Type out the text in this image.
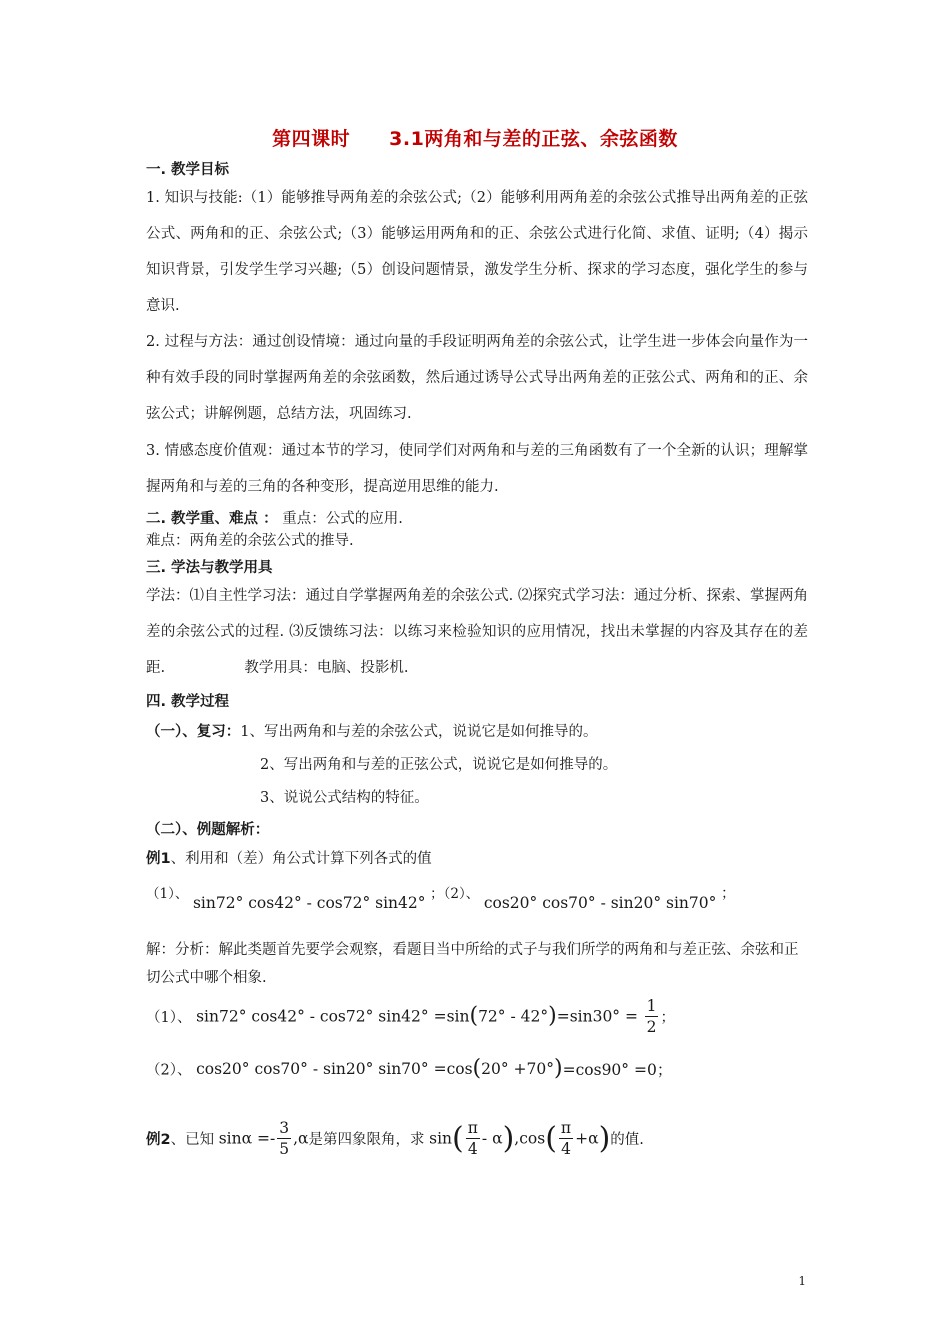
第四课时　　3.1两角和与差的正弦、余弦函数
一. 教学目标
1. 知识与技能:（1）能够推导两角差的余弦公式;（2）能够利用两角差的余弦公式推导出两角差的正弦公式、两角和的正、余弦公式;（3）能够运用两角和的正、余弦公式进行化简、求值、证明;（4）揭示知识背景，引发学生学习兴趣;（5）创设问题情景，激发学生分析、探求的学习态度，强化学生的参与意识.
2. 过程与方法：通过创设情境：通过向量的手段证明两角差的余弦公式，让学生进一步体会向量作为一种有效手段的同时掌握两角差的余弦函数，然后通过诱导公式导出两角差的正弦公式、两角和的正、余弦公式；讲解例题，总结方法，巩固练习.
3. 情感态度价值观：通过本节的学习，使同学们对两角和与差的三角函数有了一个全新的认识；理解掌握两角和与差的三角的各种变形，提高逆用思维的能力.
二. 教学重、难点 ： 重点：公式的应用.
难点：两角差的余弦公式的推导.
三. 学法与教学用具
学法：⑴自主性学习法：通过自学掌握两角差的余弦公式. ⑵探究式学习法：通过分析、探索、掌握两角差的余弦公式的过程. ⑶反馈练习法：以练习来检验知识的应用情况，找出未掌握的内容及其存在的差距.	教学用具：电脑、投影机.
四. 教学过程
（一）、复习：1、写出两角和与差的余弦公式，说说它是如何推导的。
2、写出两角和与差的正弦公式，说说它是如何推导的。
3、说说公式结构的特征。
（二）、例题解析：
例1、利用和（差）角公式计算下列各式的值
（1）、 sin72° cos42° - cos72° sin42° ；（2）、 cos20° cos70° - sin20° sin70° ；
解：分析：解此类题首先要学会观察，看题目当中所给的式子与我们所学的两角和与差正弦、余弦和正切公式中哪个相象.
（1）、 sin72° cos42° - cos72° $\sin 42^\circ =\sin(72^\circ - 42^\circ)=\sin 30^\circ = \frac{1}{2}$ ；
（2）、 cos20° cos70° - sin20° sin70° =cos(20° +70°)=cos90° =0；
例2、已知 $\sin\alpha =- \frac{3}{5} ,\alpha$是第四象限角，求 $\sin( \frac{\pi}{4} - \alpha),\cos( \frac{\pi}{4} +\alpha)$的值.
1
